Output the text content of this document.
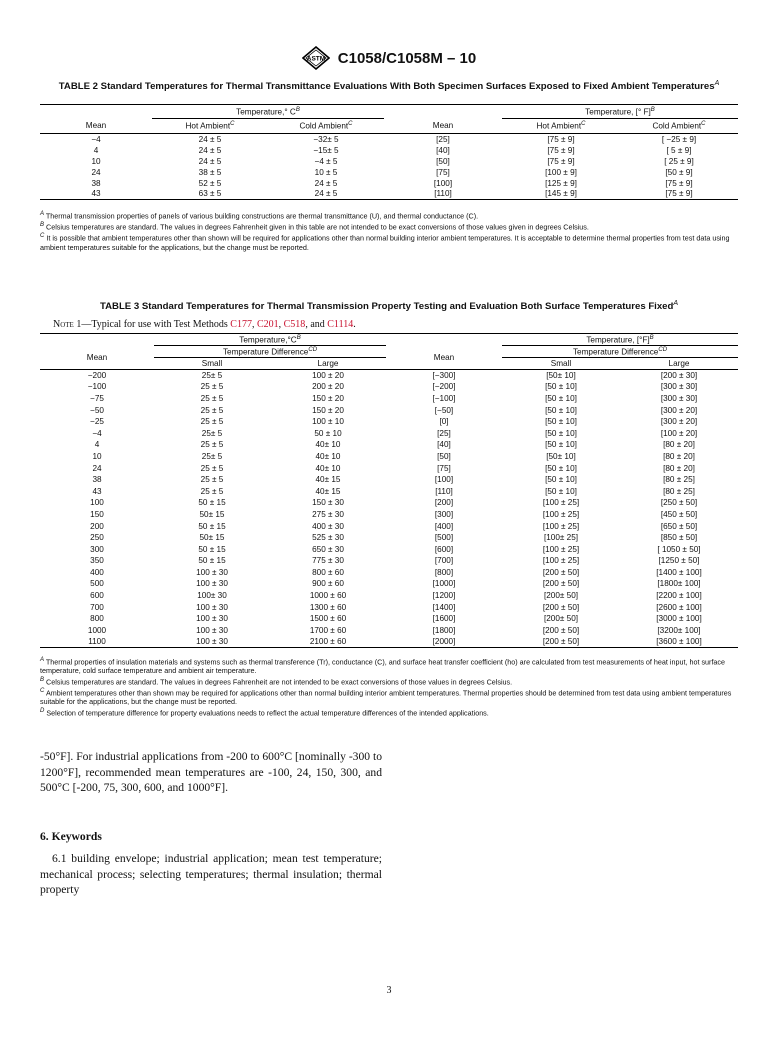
ASTM C1058/C1058M – 10
TABLE 2 Standard Temperatures for Thermal Transmittance Evaluations With Both Specimen Surfaces Exposed to Fixed Ambient Temperatures$^A$
	Temperature,° $C^B$			Temperature, [° F]$^B$
Mean	Hot Ambient$^C$	Cold Ambient$^C$	Mean	Hot Ambient$^C$	Cold Ambient$^C$
−4	24 ± 5	−32± 5	[25]	[75 ± 9]	[ −25 ± 9]
4	24 ± 5	−15± 5	[40]	[75 ± 9]	[ 5 ± 9]
10	24 ± 5	−4 ± 5	[50]	[75 ± 9]	[ 25 ± 9]
24	38 ± 5	10 ± 5	[75]	[100 ± 9]	[50 ± 9]
38	52 ± 5	24 ± 5	[100]	[125 ± 9]	[75 ± 9]
43	63 ± 5	24 ± 5	[110]	[145 ± 9]	[75 ± 9]

$^A$ Thermal transmission properties of panels of various building constructions are thermal transmittance (U), and thermal conductance (C).

$^B$ Celsius temperatures are standard. The values in degrees Fahrenheit given in this table are not intended to be exact conversions of those values given in degrees Celsius.

$^C$ It is possible that ambient temperatures other than shown will be required for applications other than normal building interior ambient temperatures. It is acceptable to determine thermal properties from test data using ambient temperatures suitable for the applications, but the change must be reported.

TABLE 3 Standard Temperatures for Thermal Transmission Property Testing and Evaluation Both Surface Temperatures Fixed$^A$
Note 1—Typical for use with Test Methods C177, C201, C518, and C1114.
	$Temperature,^\circ C^B$			Temperature, $[^\circ F]^B$
Mean	Temperature Difference$^{CD}$		Mean	Temperature Difference$^{CD}$
	Small	Large		Small	Large
−200	25± 5	100 ± 20	[−300]	[50± 10]	[200 ± 30]
−100	25 ± 5	200 ± 20	[−200]	[50 ± 10]	[300 ± 30]
−75	25 ± 5	150 ± 20	[−100]	[50 ± 10]	[300 ± 30]
−50	25 ± 5	150 ± 20	[−50]	[50 ± 10]	[300 ± 20]
−25	25 ± 5	100 ± 10	[0]	[50 ± 10]	[300 ± 20]
−4	25± 5	50 ± 10	[25]	[50 ± 10]	[100 ± 20]
4	25 ± 5	40± 10	[40]	[50 ± 10]	[80 ± 20]
10	25± 5	40± 10	[50]	[50± 10]	[80 ± 20]
24	25 ± 5	40± 10	[75]	[50 ± 10]	[80 ± 20]
38	25 ± 5	40± 15	[100]	[50 ± 10]	[80 ± 25]
43	25 ± 5	40± 15	[110]	[50 ± 10]	[80 ± 25]
100	50 ± 15	150 ± 30	[200]	[100 ± 25]	[250 ± 50]
150	50± 15	275 ± 30	[300]	[100 ± 25]	[450 ± 50]
200	50 ± 15	400 ± 30	[400]	[100 ± 25]	[650 ± 50]
250	50± 15	525 ± 30	[500]	[100± 25]	[850 ± 50]
300	50 ± 15	650 ± 30	[600]	[100 ± 25]	[ 1050 ± 50]
350	50 ± 15	775 ± 30	[700]	[100 ± 25]	[1250 ± 50]
400	100 ± 30	800 ± 60	[800]	[200 ± 50]	[1400 ± 100]
500	100 ± 30	900 ± 60	[1000]	[200 ± 50]	[1800± 100]
600	100± 30	1000 ± 60	[1200]	[200± 50]	[2200 ± 100]
700	100 ± 30	1300 ± 60	[1400]	[200 ± 50]	[2600 ± 100]
800	100 ± 30	1500 ± 60	[1600]	[200± 50]	[3000 ± 100]
1000	100 ± 30	1700 ± 60	[1800]	[200 ± 50]	[3200± 100]
1100	100 ± 30	2100 ± 60	[2000]	[200 ± 50]	[3600 ± 100]

$^A$ Thermal properties of insulation materials and systems such as thermal transference (Tr), conductance (C), and surface heat transfer coefficient (ho) are calculated from test measurements of heat input, hot surface temperature, cold surface temperature and ambient air temperature.

$^B$ Celsius temperatures are standard. The values in degrees Fahrenheit are not intended to be exact conversions of those values in degrees Celsius.

$^C$ Ambient temperatures other than shown may be required for applications other than normal building interior ambient temperatures. Thermal properties should be determined from test data using ambient temperatures suitable for the applications, but the change must be reported.

$^D$ Selection of temperature difference for property evaluations needs to reflect the actual temperature differences of the intended applications.

-50°F]. For industrial applications from -200 to 600°C [nominally -300 to 1200°F], recommended mean temperatures are -100, 24, 150, 300, and 500°C [-200, 75, 300, 600, and 1000°F].

6. Keywords

6.1 building envelope; industrial application; mean test temperature; mechanical process; selecting temperatures; thermal insulation; thermal property

3
